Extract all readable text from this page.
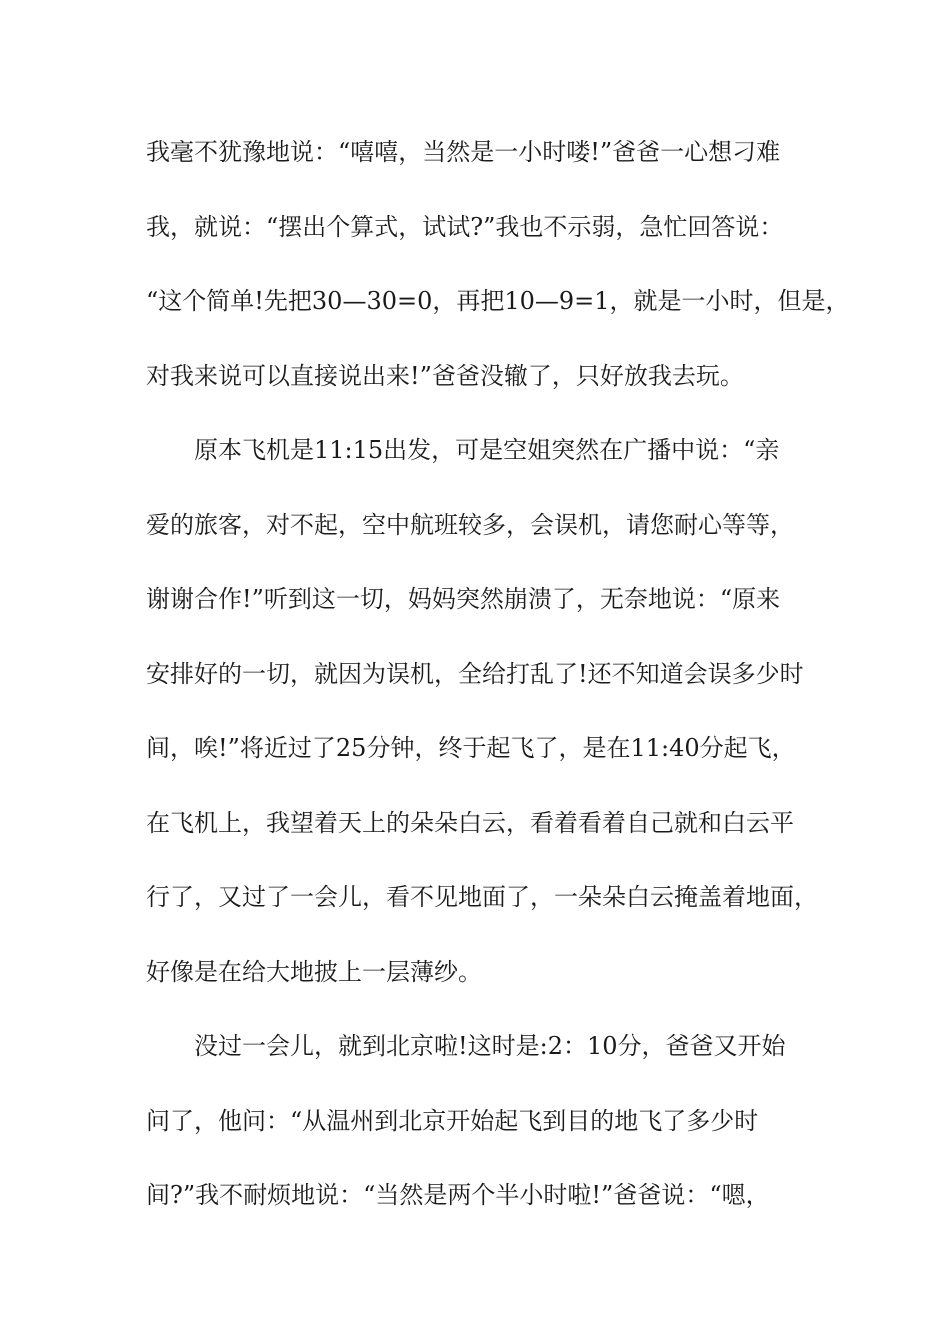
我毫不犹豫地说：“嘻嘻，当然是一小时喽!”爸爸一心想刁难
我，就说：“摆出个算式，试试?”我也不示弱，急忙回答说：
“这个简单!先把30—30=0，再把10—9=1，就是一小时，但是，
对我来说可以直接说出来!”爸爸没辙了，只好放我去玩。
原本飞机是11:15出发，可是空姐突然在广播中说：“亲
爱的旅客，对不起，空中航班较多，会误机，请您耐心等等，
谢谢合作!”听到这一切，妈妈突然崩溃了，无奈地说：“原来
安排好的一切，就因为误机，全给打乱了!还不知道会误多少时
间，唉!”将近过了25分钟，终于起飞了，是在11:40分起飞，
在飞机上，我望着天上的朵朵白云，看着看着自己就和白云平
行了，又过了一会儿，看不见地面了，一朵朵白云掩盖着地面，
好像是在给大地披上一层薄纱。
没过一会儿，就到北京啦!这时是:2：10分，爸爸又开始
问了，他问：“从温州到北京开始起飞到目的地飞了多少时
间?”我不耐烦地说：“当然是两个半小时啦!”爸爸说：“嗯，
